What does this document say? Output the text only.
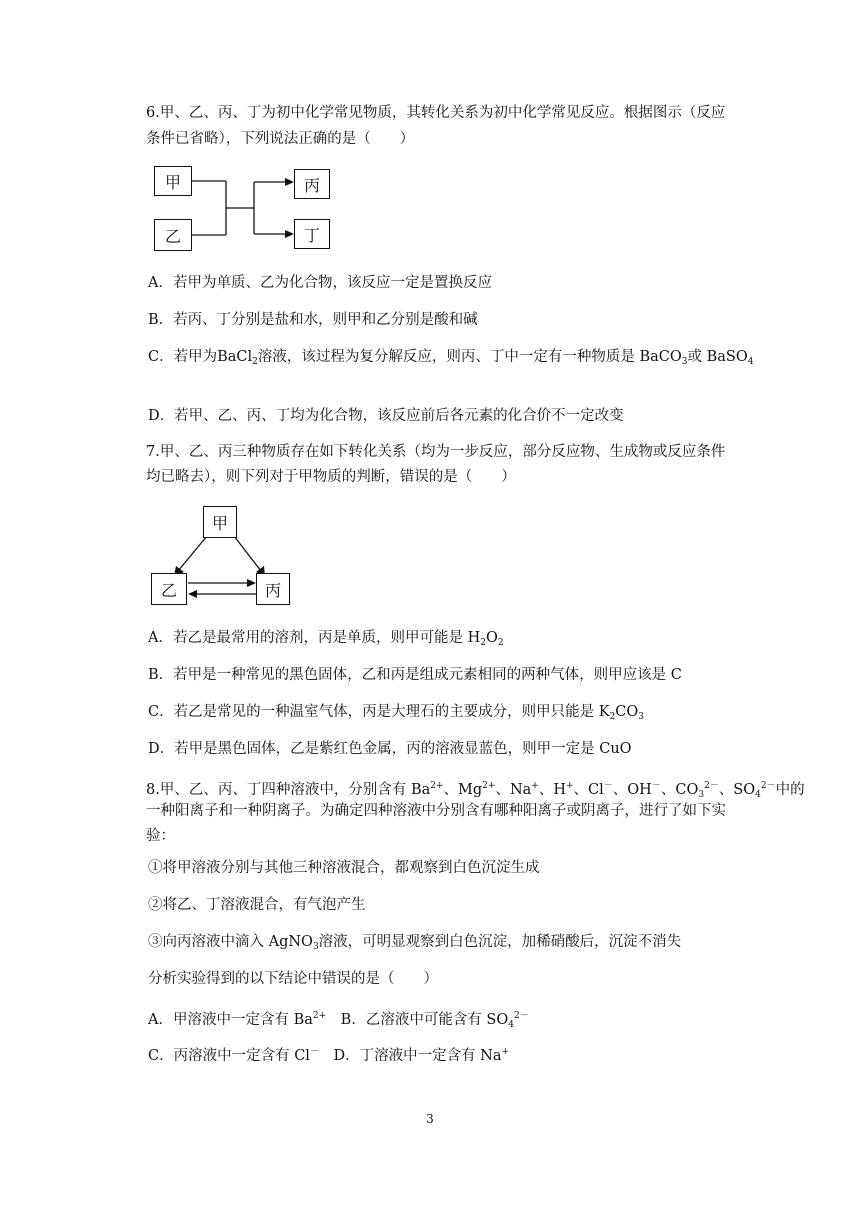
6.甲、乙、丙、丁为初中化学常见物质，其转化关系为初中化学常见反应。根据图示（反应
条件已省略），下列说法正确的是（　　）
甲
乙
丙
丁
A．若甲为单质、乙为化合物，该反应一定是置换反应
B．若丙、丁分别是盐和水，则甲和乙分别是酸和碱
C．若甲为BaCl$_2$溶液，该过程为复分解反应，则丙、丁中一定有一种物质是 BaCO$_3$或 BaSO$_4$
D．若甲、乙、丙、丁均为化合物，该反应前后各元素的化合价不一定改变
7.甲、乙、丙三种物质存在如下转化关系（均为一步反应，部分反应物、生成物或反应条件
均已略去），则下列对于甲物质的判断，错误的是（　　）
甲
乙	丙
A．若乙是最常用的溶剂，丙是单质，则甲可能是 $H_2O_2$
B．若甲是一种常见的黑色固体，乙和丙是组成元素相同的两种气体，则甲应该是 C
C．若乙是常见的一种温室气体，丙是大理石的主要成分，则甲只能是 $K_2CO_3$
D．若甲是黑色固体，乙是紫红色金属，丙的溶液显蓝色，则甲一定是 CuO
8.甲、乙、丙、丁四种溶液中，分别含有 $Ba^{2+}$、$Mg^{2+}$、Na+、H+、Cl－、OH－、$CO_3^{2-}$、$SO_4^{2-}$中的
一种阳离子和一种阴离子。为确定四种溶液中分别含有哪种阳离子或阴离子，进行了如下实
验：
①将甲溶液分别与其他三种溶液混合，都观察到白色沉淀生成
②将乙、丁溶液混合，有气泡产生
③向丙溶液中滴入 AgNO$_3$溶液，可明显观察到白色沉淀，加稀硝酸后，沉淀不消失
分析实验得到的以下结论中错误的是（　　）
A．甲溶液中一定含有 $Ba^{2+}$　B．乙溶液中可能含有 $SO_4^{2-}$
C．丙溶液中一定含有 Cl－　D．丁溶液中一定含有 Na+
3
